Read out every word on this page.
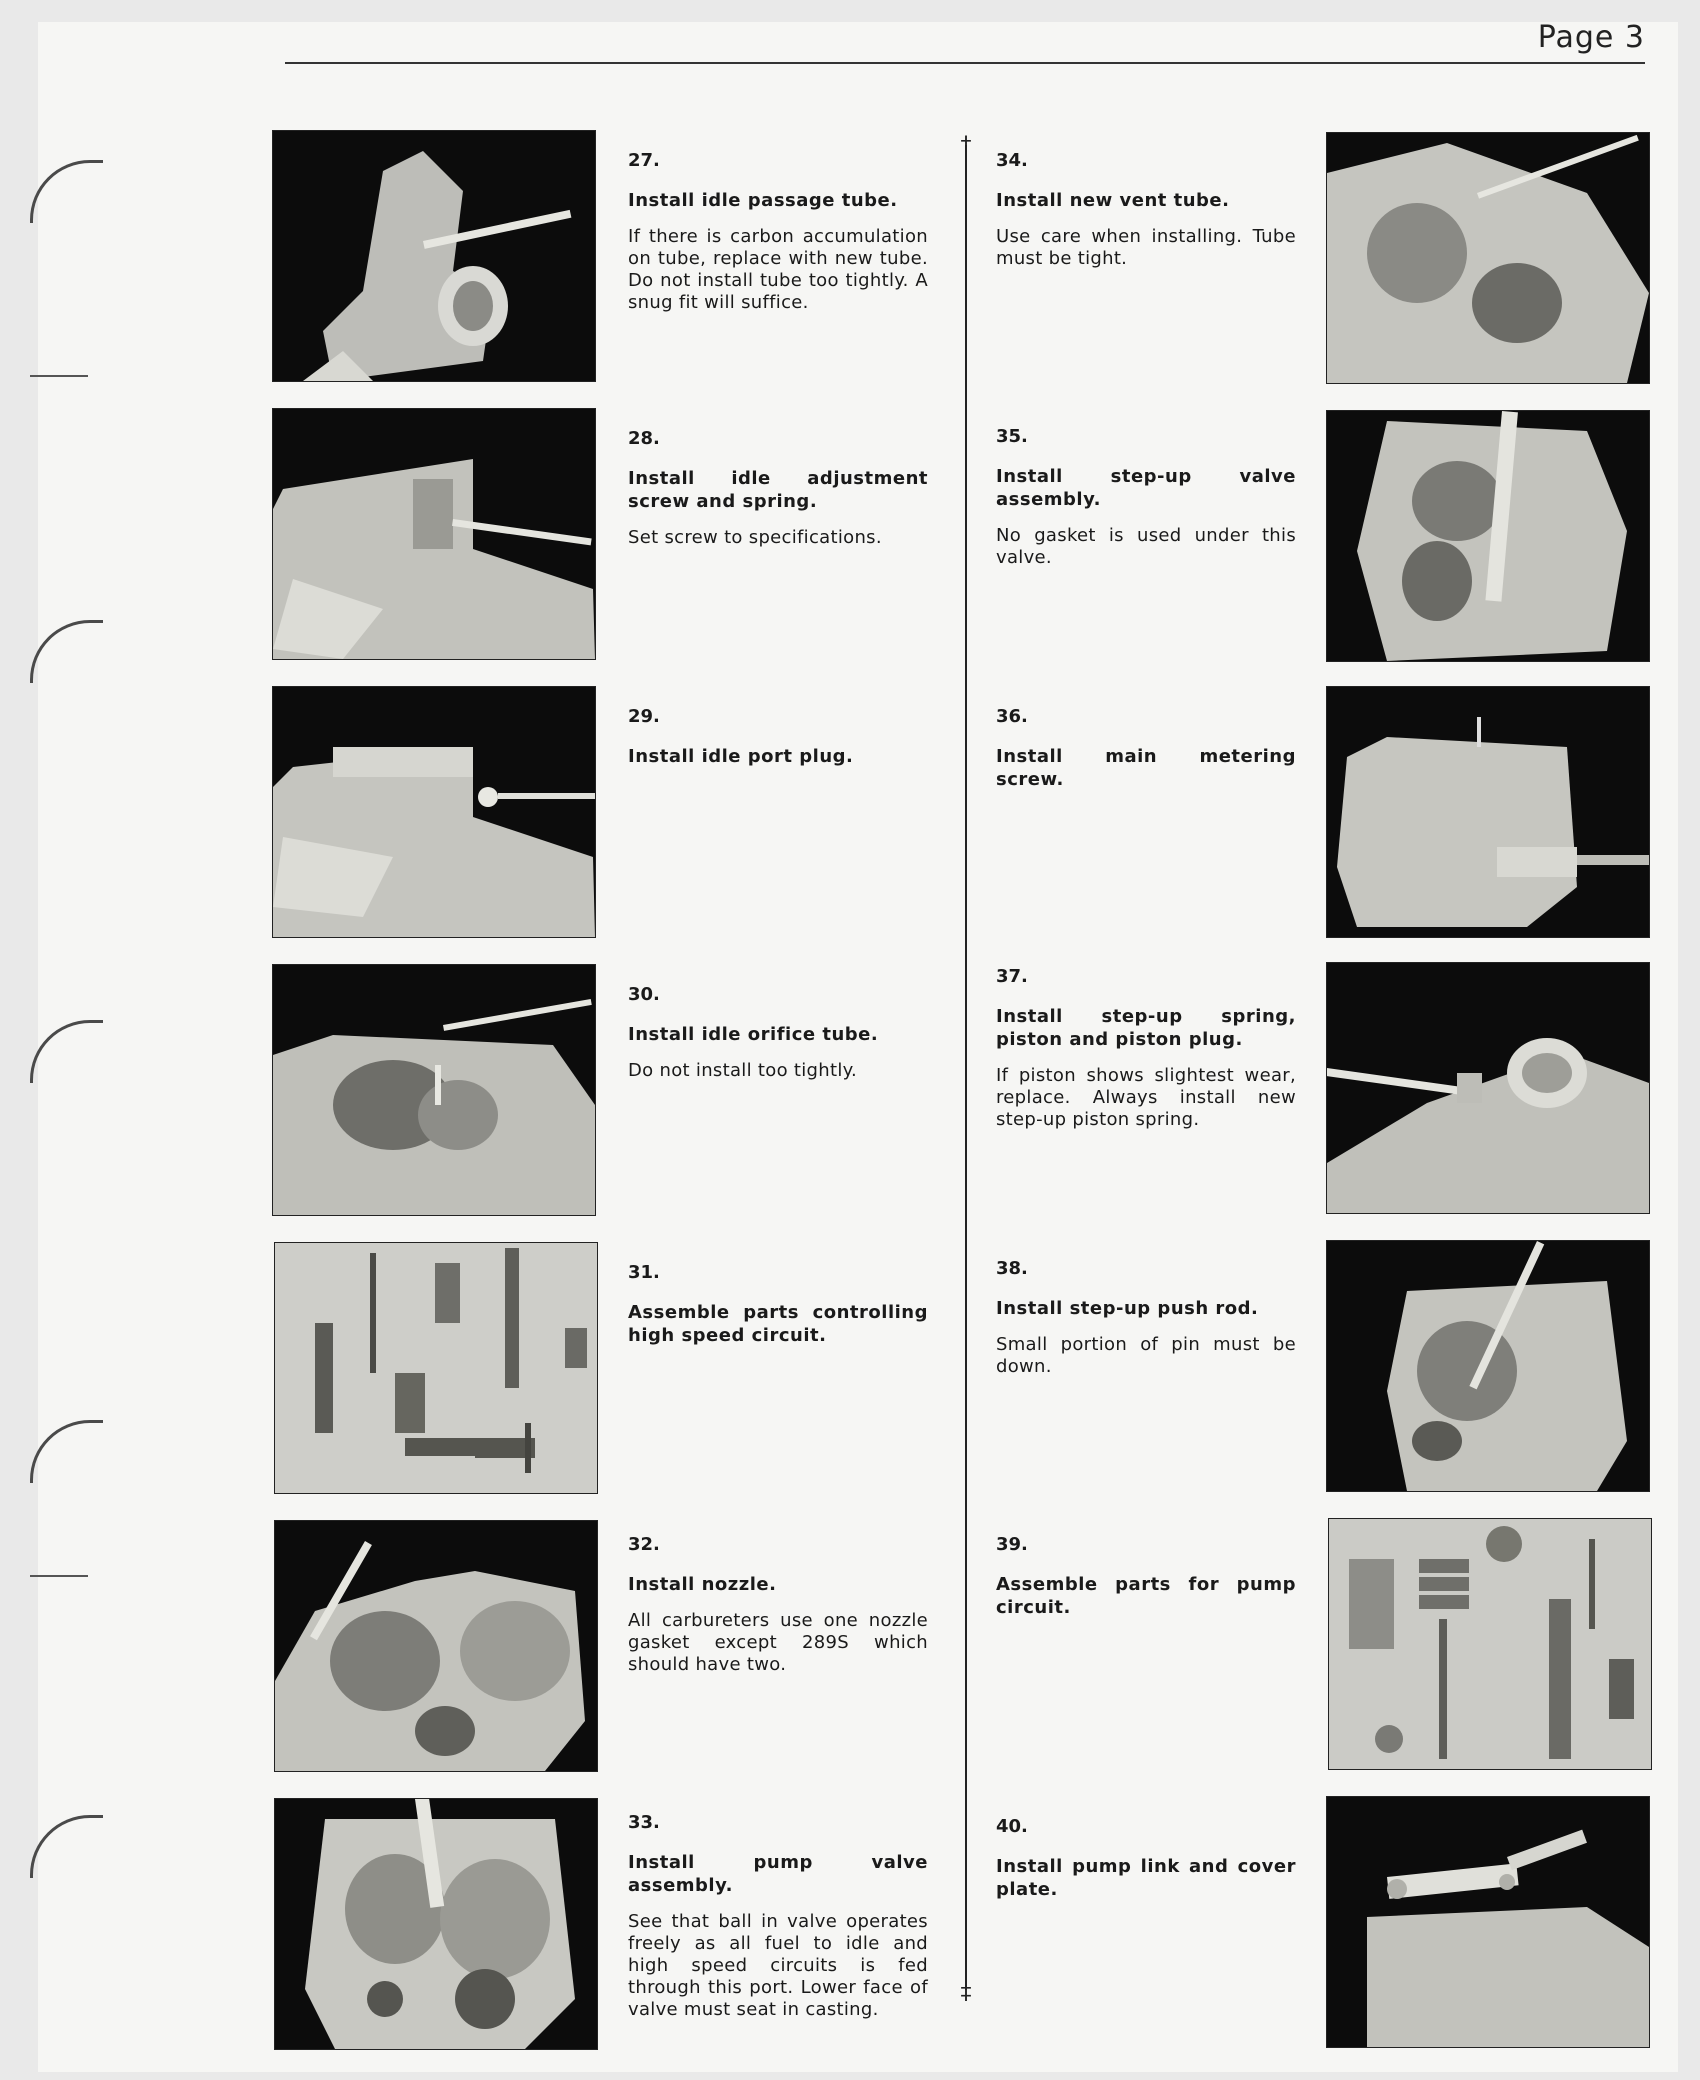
Page 3
†
‡

27.

Install idle passage tube.

If there is carbon accumulation on tube, replace with new tube. Do not install tube too tightly. A snug fit will suffice.

28.

Install idle adjustment screw and spring.

Set screw to specifications.

29.

Install idle port plug.

30.

Install idle orifice tube.

Do not install too tightly.

31.

Assemble parts controlling high speed circuit.

32.

Install nozzle.

All carbureters use one nozzle gasket except 289S which should have two.

33.

Install pump valve assembly.

See that ball in valve operates freely as all fuel to idle and high speed circuits is fed through this port. Lower face of valve must seat in casting.

34.

Install new vent tube.

Use care when installing. Tube must be tight.

35.

Install step-up valve assembly.

No gasket is used under this valve.

36.

Install main metering screw.

37.

Install step-up spring, piston and piston plug.

If piston shows slightest wear, replace. Always install new step-up piston spring.

38.

Install step-up push rod.

Small portion of pin must be down.

39.

Assemble parts for pump circuit.

40.

Install pump link and cover plate.
